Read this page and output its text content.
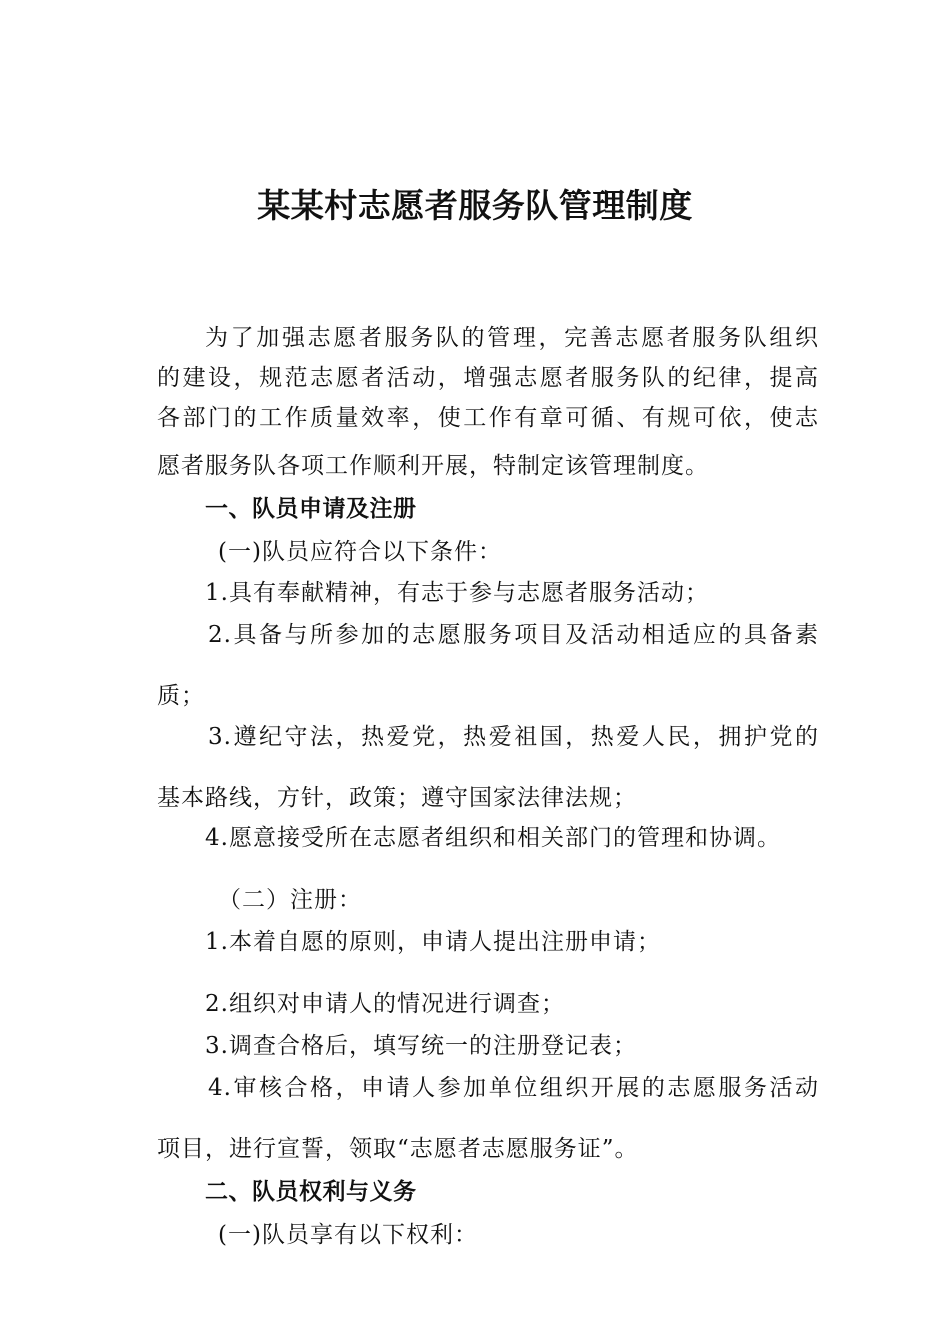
某某村志愿者服务队管理制度
为了加强志愿者服务队的管理，完善志愿者服务队组织
的建设，规范志愿者活动，增强志愿者服务队的纪律，提高
各部门的工作质量效率，使工作有章可循、有规可依，使志
愿者服务队各项工作顺利开展，特制定该管理制度。
一、队员申请及注册
(一)队员应符合以下条件：
1.具有奉献精神，有志于参与志愿者服务活动；
2.具备与所参加的志愿服务项目及活动相适应的具备素
质；
3.遵纪守法，热爱党，热爱祖国，热爱人民，拥护党的
基本路线，方针，政策；遵守国家法律法规；
4.愿意接受所在志愿者组织和相关部门的管理和协调。
（二）注册：
1.本着自愿的原则，申请人提出注册申请；
2.组织对申请人的情况进行调查；
3.调查合格后，填写统一的注册登记表；
4.审核合格，申请人参加单位组织开展的志愿服务活动
项目，进行宣誓，领取“志愿者志愿服务证”。
二、队员权利与义务
(一)队员享有以下权利：
